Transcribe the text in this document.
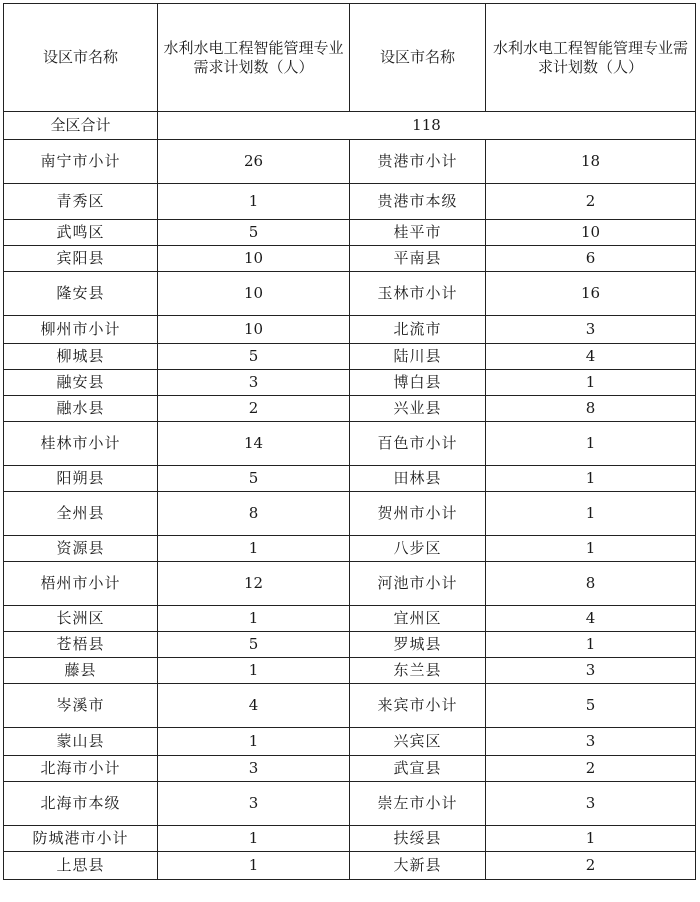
设区市名称	水利水电工程智能管理专业需求计划数（人）	设区市名称	水利水电工程智能管理专业需求计划数（人）
全区合计	118		
南宁市小计	26	贵港市小计	18
青秀区	1	贵港市本级	2
武鸣区	5	桂平市	10
宾阳县	10	平南县	6
隆安县	10	玉林市小计	16
柳州市小计	10	北流市	3
柳城县	5	陆川县	4
融安县	3	博白县	1
融水县	2	兴业县	8
桂林市小计	14	百色市小计	1
阳朔县	5	田林县	1
全州县	8	贺州市小计	1
资源县	1	八步区	1
梧州市小计	12	河池市小计	8
长洲区	1	宜州区	4
苍梧县	5	罗城县	1
藤县	1	东兰县	3
岑溪市	4	来宾市小计	5
蒙山县	1	兴宾区	3
北海市小计	3	武宣县	2
北海市本级	3	崇左市小计	3
防城港市小计	1	扶绥县	1
上思县	1	大新县	2
